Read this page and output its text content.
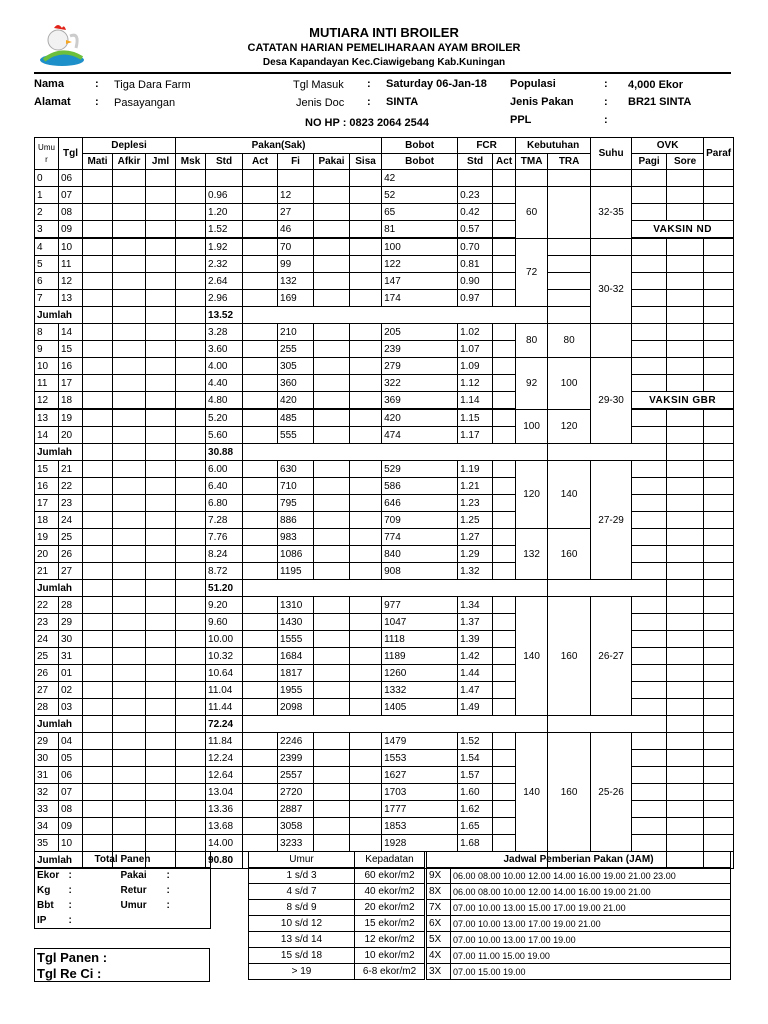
MUTIARA INTI BROILER
CATATAN HARIAN PEMELIHARAAN AYAM BROILER
Desa Kapandayan Kec.Ciawigebang Kab.Kuningan
Nama	: Tiga Dara Farm
Alamat : Pasayangan
Tgl Masuk : Saturday 06-Jan-18
Jenis Doc : SINTA
NO HP : 0823 2064 2544
Populasi	: 4,000 Ekor
Jenis Pakan	: BR21 SINTA
PPL	:
Umu r	Tgl	Deplesi			Pakan(Sak)						Bobot	FCR		Kebutuhan		Suhu	OVK		Paraf	
		Mati	Afkir	Jml	Msk	Std	Act	Fi	Pakai	Sisa	Bobot	Std	Act	TMA	TRA		Pagi	Sore		
0	06										42									
1	07					0.96		12			52	0.23		60		32-35				
2	08					1.20		27			65	0.42								
3	09					1.52		46			81	0.57					VAKSIN ND			
4	10					1.92		70			100	0.70		72						
5	11					2.32		99			122	0.81				30-32				
6	12					2.64		132			147	0.90								
7	13					2.96		169			174	0.97								
Jumlah						13.52														
8	14					3.28		210			205	1.02		80	80					
9	15					3.60		255			239	1.07								
10	16					4.00		305			279	1.09		92	100	29-30				
11	17					4.40		360			322	1.12								
12	18					4.80		420			369	1.14					VAKSIN GBR			
13	19					5.20		485			420	1.15		100	120					
14	20					5.60		555			474	1.17								
Jumlah						30.88														
15	21					6.00		630			529	1.19		120	140	27-29				
16	22					6.40		710			586	1.21								
17	23					6.80		795			646	1.23								
18	24					7.28		886			709	1.25								
19	25					7.76		983			774	1.27		132	160					
20	26					8.24		1086			840	1.29								
21	27					8.72		1195			908	1.32								
Jumlah						51.20														
22	28					9.20		1310			977	1.34		140	160	26-27				
23	29					9.60		1430			1047	1.37								
24	30					10.00		1555			1118	1.39								
25	31					10.32		1684			1189	1.42								
26	01					10.64		1817			1260	1.44								
27	02					11.04		1955			1332	1.47								
28	03					11.44		2098			1405	1.49								
Jumlah						72.24														
29	04					11.84		2246			1479	1.52		140	160	25-26				
30	05					12.24		2399			1553	1.54								
31	06					12.64		2557			1627	1.57								
32	07					13.04		2720			1703	1.60								
33	08					13.36		2887			1777	1.62								
34	09					13.68		3058			1853	1.65								
35	10					14.00		3233			1928	1.68								
Jumlah						90.80														
Total Panen			
Ekor	:	Pakai	:
Kg	:	Retur	:
Bbt	:	Umur	:
IP	:		
Tgl Panen :
Tgl Re Ci :
Umur	Kepadatan
1 s/d 3	60 ekor/m2
4 s/d 7	40 ekor/m2
8 s/d 9	20 ekor/m2
10 s/d 12	15 ekor/m2
13 s/d 14	12 ekor/m2
15 s/d 18	10 ekor/m2
> 19	6-8 ekor/m2
Jadwal Pemberian Pakan (JAM)	
9X	06.00 08.00 10.00 12.00 14.00 16.00 19.00 21.00 23.00
8X	06.00 08.00 10.00 12.00 14.00 16.00 19.00 21.00
7X	07.00 10.00 13.00 15.00 17.00 19.00 21.00
6X	07.00 10.00 13.00 17.00 19.00 21.00
5X	07.00 10.00 13.00 17.00 19.00
4X	07.00 11.00 15.00 19.00
3X	07.00 15.00 19.00
